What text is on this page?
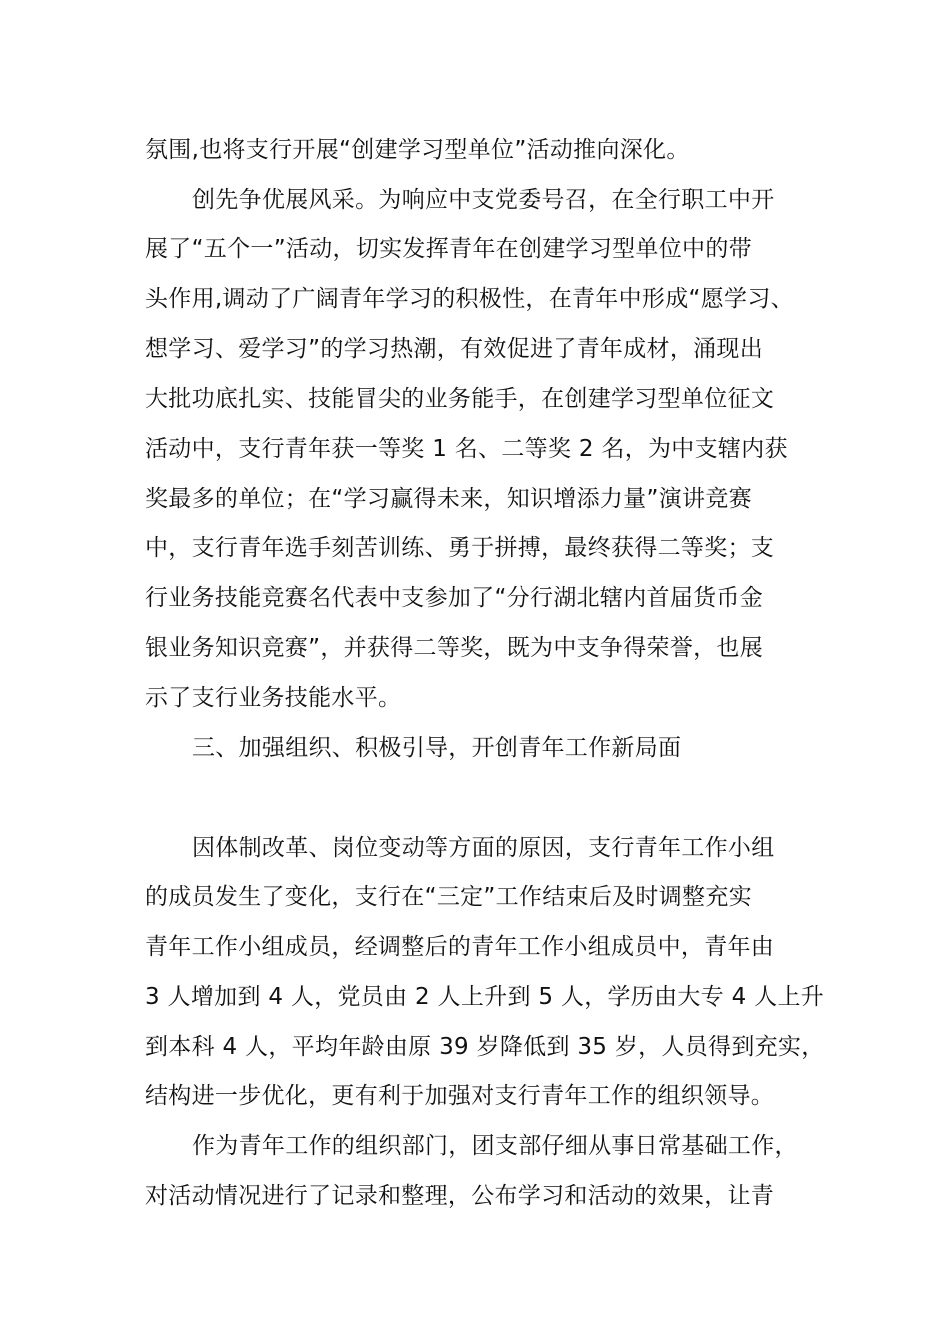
氛围,也将支行开展“创建学习型单位”活动推向深化。
创先争优展风采。为响应中支党委号召，在全行职工中开
展了“五个一”活动，切实发挥青年在创建学习型单位中的带
头作用,调动了广阔青年学习的积极性，在青年中形成“愿学习、
想学习、爱学习”的学习热潮，有效促进了青年成材，涌现出
大批功底扎实、技能冒尖的业务能手，在创建学习型单位征文
活动中，支行青年获一等奖 1 名、二等奖 2 名，为中支辖内获
奖最多的单位；在“学习赢得未来，知识增添力量”演讲竞赛
中，支行青年选手刻苦训练、勇于拼搏，最终获得二等奖；支
行业务技能竞赛名代表中支参加了“分行湖北辖内首届货币金
银业务知识竞赛”，并获得二等奖，既为中支争得荣誉，也展
示了支行业务技能水平。
三、加强组织、积极引导，开创青年工作新局面
因体制改革、岗位变动等方面的原因，支行青年工作小组
的成员发生了变化，支行在“三定”工作结束后及时调整充实
青年工作小组成员，经调整后的青年工作小组成员中，青年由
3 人增加到 4 人，党员由 2 人上升到 5 人，学历由大专 4 人上升
到本科 4 人，平均年龄由原 39 岁降低到 35 岁，人员得到充实，
结构进一步优化，更有利于加强对支行青年工作的组织领导。
作为青年工作的组织部门，团支部仔细从事日常基础工作，
对活动情况进行了记录和整理，公布学习和活动的效果，让青
